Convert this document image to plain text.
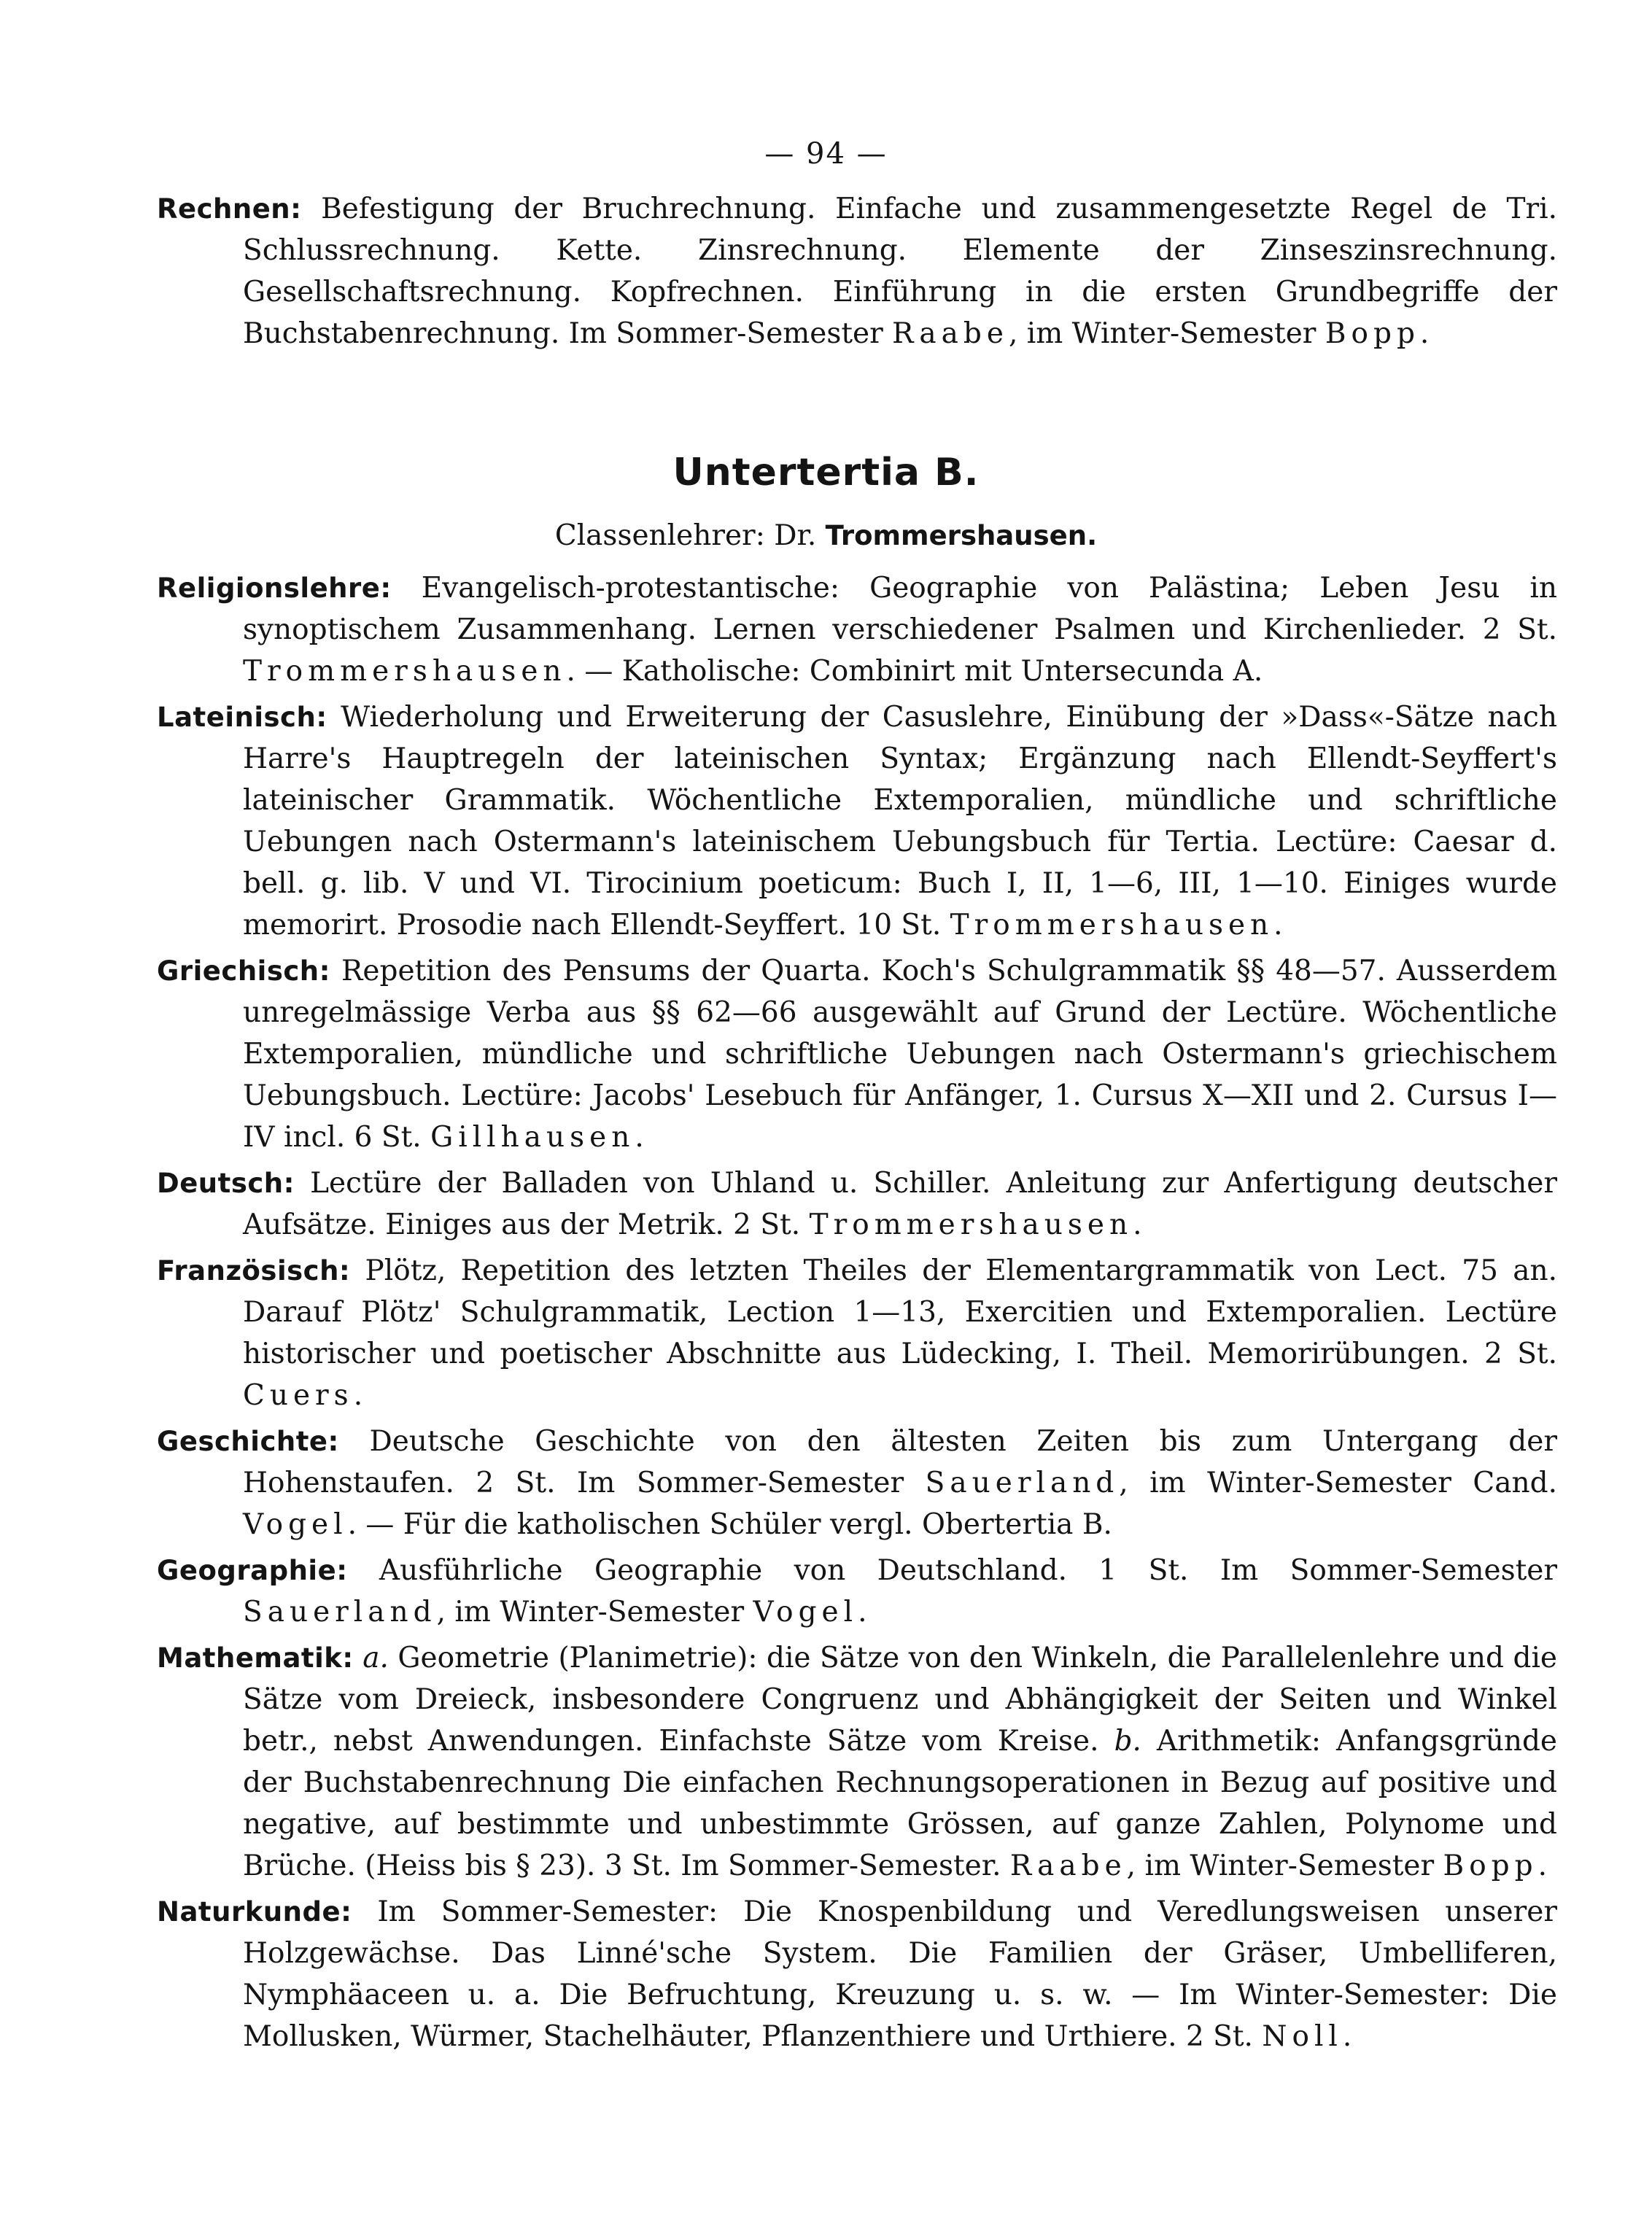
— 94 —

Rechnen: Befestigung der Bruchrechnung. Einfache und zusammengesetzte Regel de Tri. Schlussrechnung. Kette. Zinsrechnung. Elemente der Zinseszinsrechnung. Gesellschaftsrechnung. Kopfrechnen. Einführung in die ersten Grundbegriffe der Buchstabenrechnung. Im Sommer-Semester Raabe, im Winter-Semester Bopp.

Untertertia B.
Classenlehrer: Dr. Trommershausen.

Religionslehre: Evangelisch-protestantische: Geographie von Palästina; Leben Jesu in synoptischem Zusammenhang. Lernen verschiedener Psalmen und Kirchenlieder. 2 St. Trommershausen. — Katholische: Combinirt mit Untersecunda A.

Lateinisch: Wiederholung und Erweiterung der Casuslehre, Einübung der »Dass«-Sätze nach Harre's Hauptregeln der lateinischen Syntax; Ergänzung nach Ellendt-Seyffert's lateinischer Grammatik. Wöchentliche Extemporalien, mündliche und schriftliche Uebungen nach Ostermann's lateinischem Uebungsbuch für Tertia. Lectüre: Caesar d. bell. g. lib. V und VI. Tirocinium poeticum: Buch I, II, 1—6, III, 1—10. Einiges wurde memorirt. Prosodie nach Ellendt-Seyffert. 10 St. Trommershausen.

Griechisch: Repetition des Pensums der Quarta. Koch's Schulgrammatik §§ 48—57. Ausserdem unregelmässige Verba aus §§ 62—66 ausgewählt auf Grund der Lectüre. Wöchentliche Extemporalien, mündliche und schriftliche Uebungen nach Ostermann's griechischem Uebungsbuch. Lectüre: Jacobs' Lesebuch für Anfänger, 1. Cursus X—XII und 2. Cursus I—IV incl. 6 St. Gillhausen.

Deutsch: Lectüre der Balladen von Uhland u. Schiller. Anleitung zur Anfertigung deutscher Aufsätze. Einiges aus der Metrik. 2 St. Trommershausen.

Französisch: Plötz, Repetition des letzten Theiles der Elementargrammatik von Lect. 75 an. Darauf Plötz' Schulgrammatik, Lection 1—13, Exercitien und Extemporalien. Lectüre historischer und poetischer Abschnitte aus Lüdecking, I. Theil. Memorirübungen. 2 St. Cuers.

Geschichte: Deutsche Geschichte von den ältesten Zeiten bis zum Untergang der Hohenstaufen. 2 St. Im Sommer-Semester Sauerland, im Winter-Semester Cand. Vogel. — Für die katholischen Schüler vergl. Obertertia B.

Geographie: Ausführliche Geographie von Deutschland. 1 St. Im Sommer-Semester Sauerland, im Winter-Semester Vogel.

Mathematik: a. Geometrie (Planimetrie): die Sätze von den Winkeln, die Parallelenlehre und die Sätze vom Dreieck, insbesondere Congruenz und Abhängigkeit der Seiten und Winkel betr., nebst Anwendungen. Einfachste Sätze vom Kreise. b. Arithmetik: Anfangsgründe der Buchstabenrechnung Die einfachen Rechnungsoperationen in Bezug auf positive und negative, auf bestimmte und unbestimmte Grössen, auf ganze Zahlen, Polynome und Brüche. (Heiss bis § 23). 3 St. Im Sommer-Semester. Raabe, im Winter-Semester Bopp.

Naturkunde: Im Sommer-Semester: Die Knospenbildung und Veredlungsweisen unserer Holzgewächse. Das Linné'sche System. Die Familien der Gräser, Umbelliferen, Nymphäaceen u. a. Die Befruchtung, Kreuzung u. s. w. — Im Winter-Semester: Die Mollusken, Würmer, Stachelhäuter, Pflanzenthiere und Urthiere. 2 St. Noll.
